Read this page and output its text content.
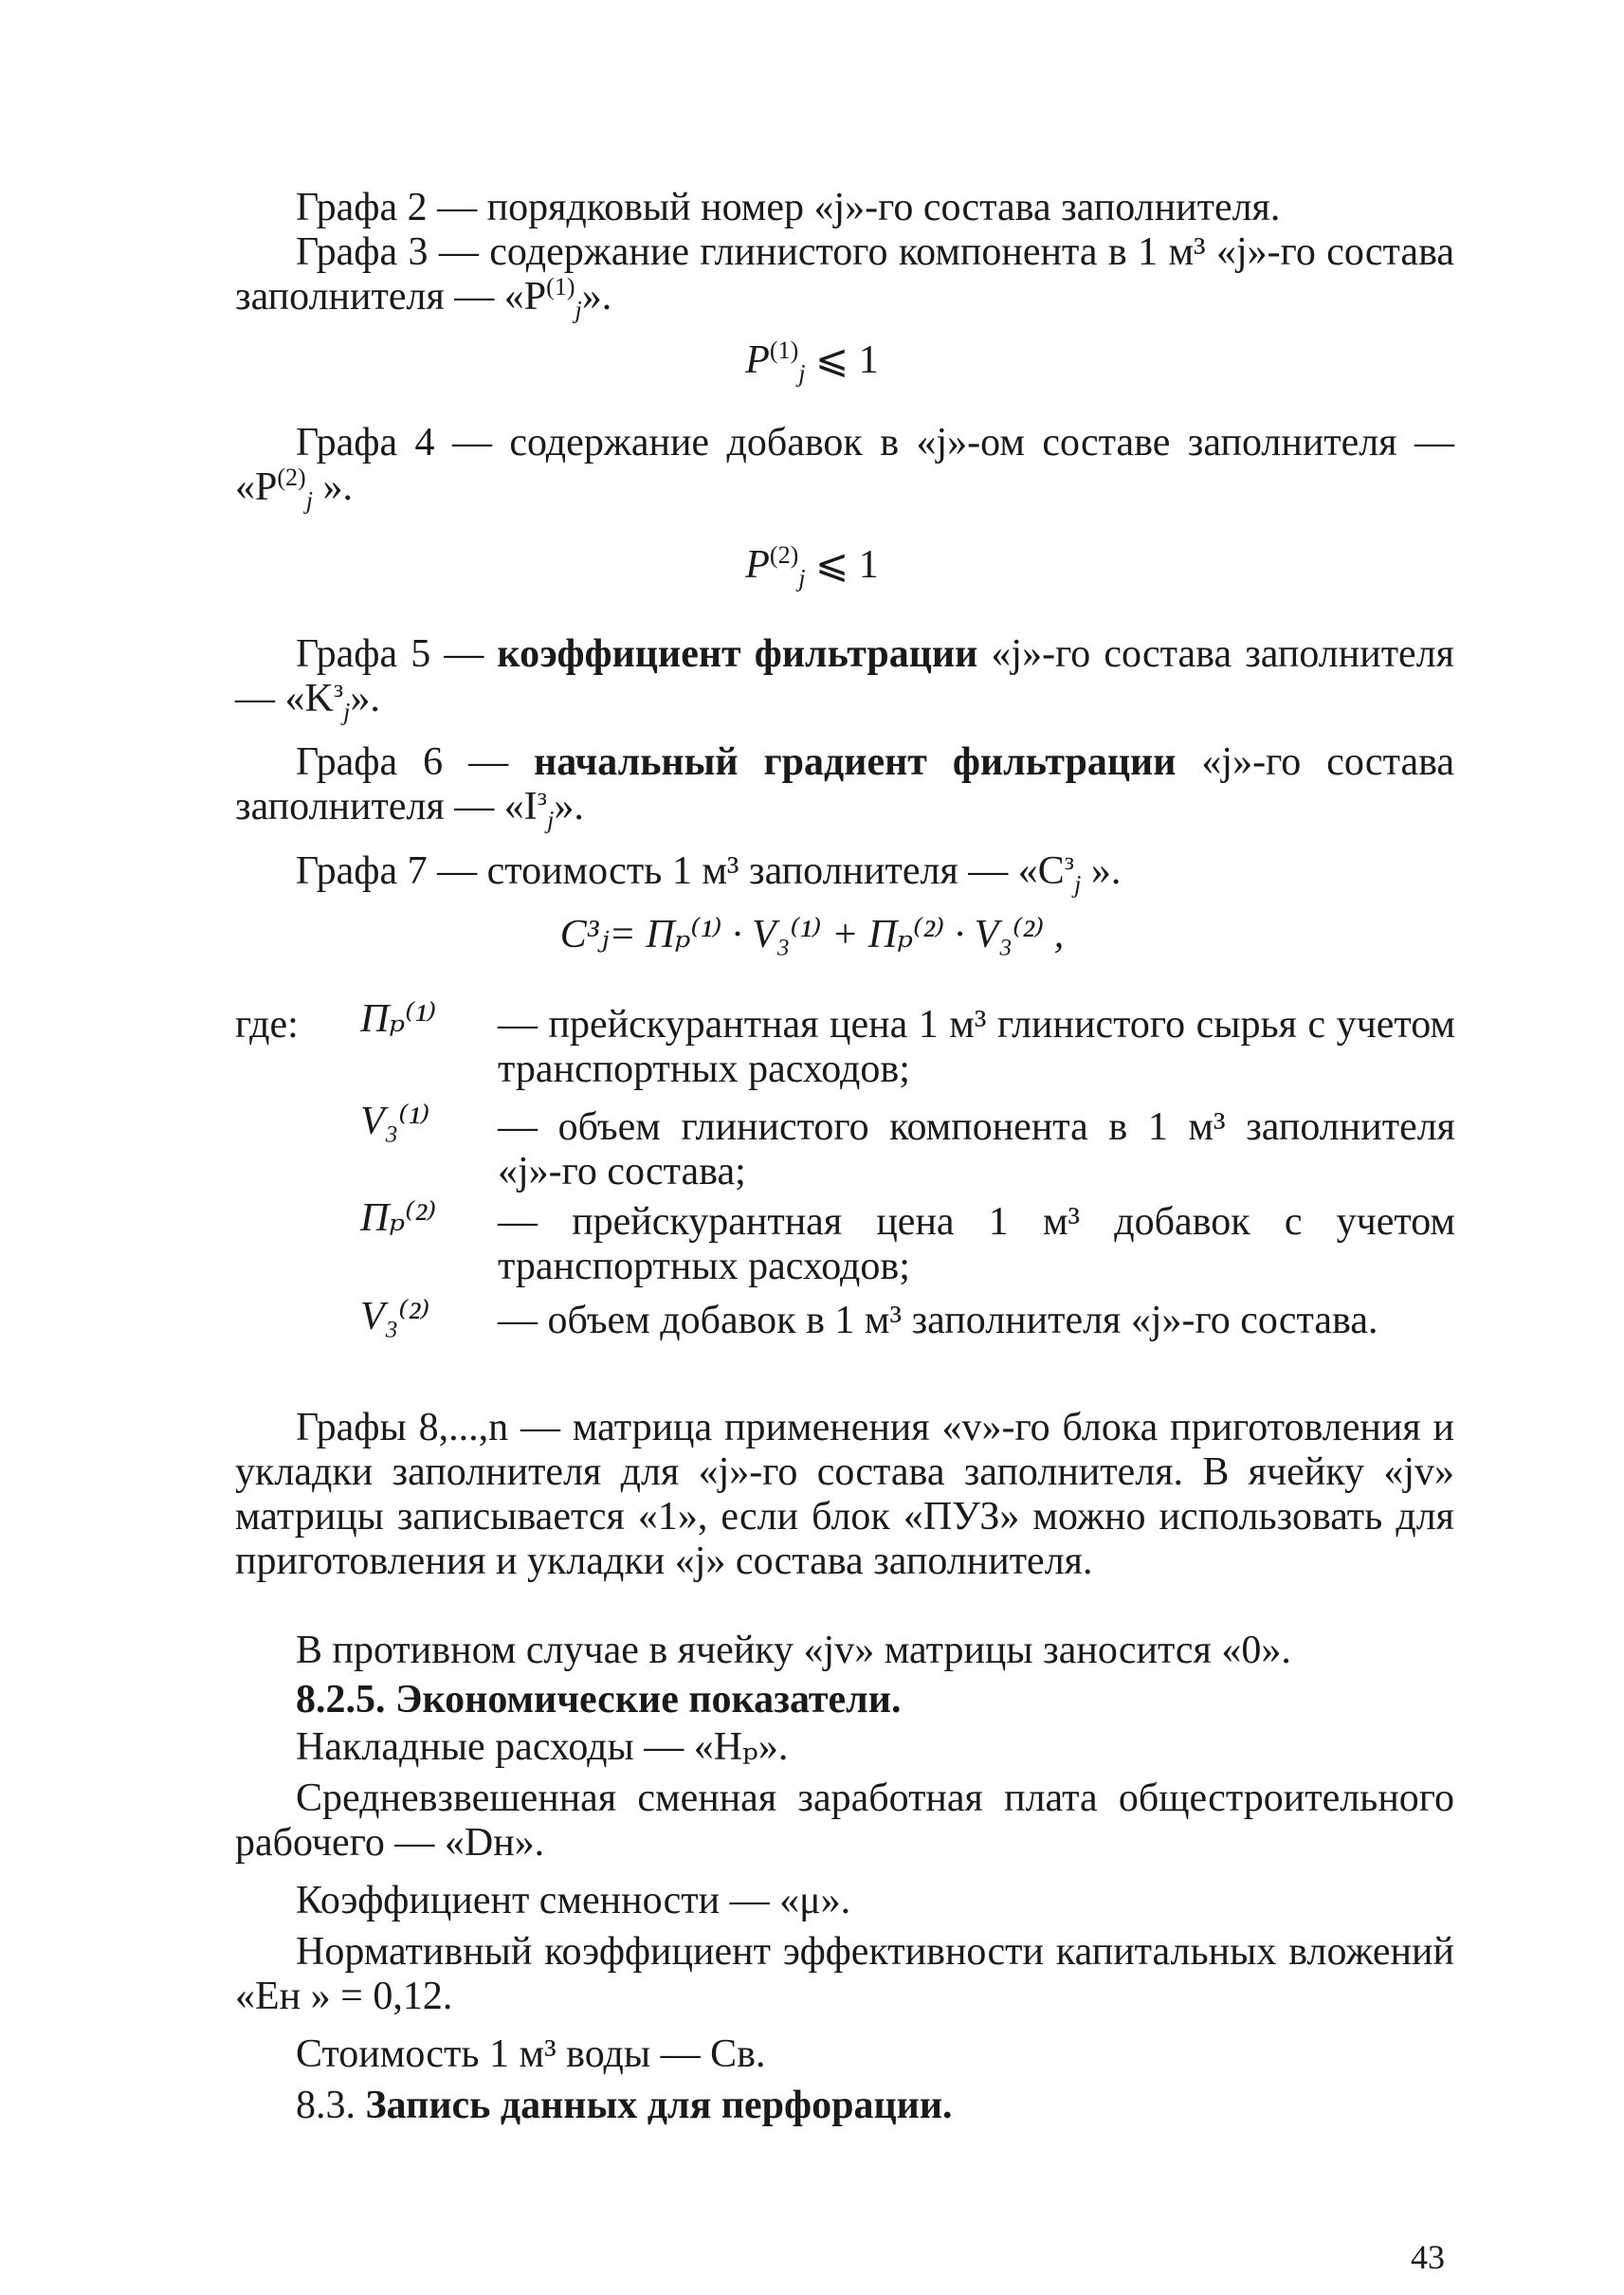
Графа 2 — порядковый номер «j»-го состава заполнителя.

Графа 3 — содержание глинистого компонента в 1 м³ «j»-го состава заполнителя — «$P^{(1)}_j$».

$P^{(1)}_j$ ⩽ 1

Графа 4 — содержание добавок в «j»-ом составе заполнителя — «$P^{(2)}_j$ ».

$P^{(2)}_j$ ⩽ 1

Графа 5 — коэффициент фильтрации «j»-го состава заполнителя — «$K^з_j$».

Графа 6 — начальный градиент фильтрации «j»-го состава заполнителя — «$I^з_j$».

Графа 7 — стоимость 1 м³ заполнителя — «$C^з_j$ ».

C³ⱼ= Пₚ⁽¹⁾ · V₃⁽¹⁾ + Пₚ⁽²⁾ · V₃⁽²⁾ ,

где: Пₚ⁽¹⁾ — прейскурантная цена 1 м³ глинистого сырья с учетом транспортных расходов;

V₃⁽¹⁾ — объем глинистого компонента в 1 м³ заполнителя «j»-го состава;

Пₚ⁽²⁾ — прейскурантная цена 1 м³ добавок с учетом транспортных расходов;

V₃⁽²⁾ — объем добавок в 1 м³ заполнителя «j»-го состава.

Графы 8,...,n — матрица применения «v»-го блока приготовления и укладки заполнителя для «j»-го состава заполнителя. В ячейку «jv» матрицы записывается «1», если блок «ПУЗ» можно использовать для приготовления и укладки «j» состава заполнителя.

В противном случае в ячейку «jv» матрицы заносится «0».

8.2.5. Экономические показатели.

Накладные расходы — «Hₚ».

Средневзвешенная сменная заработная плата общестроительного рабочего — «Dн».

Коэффициент сменности — «μ».

Нормативный коэффициент эффективности капитальных вложений «Eн » = 0,12.

Стоимость 1 м³ воды — Cв.

8.3. Запись данных для перфорации.

43
